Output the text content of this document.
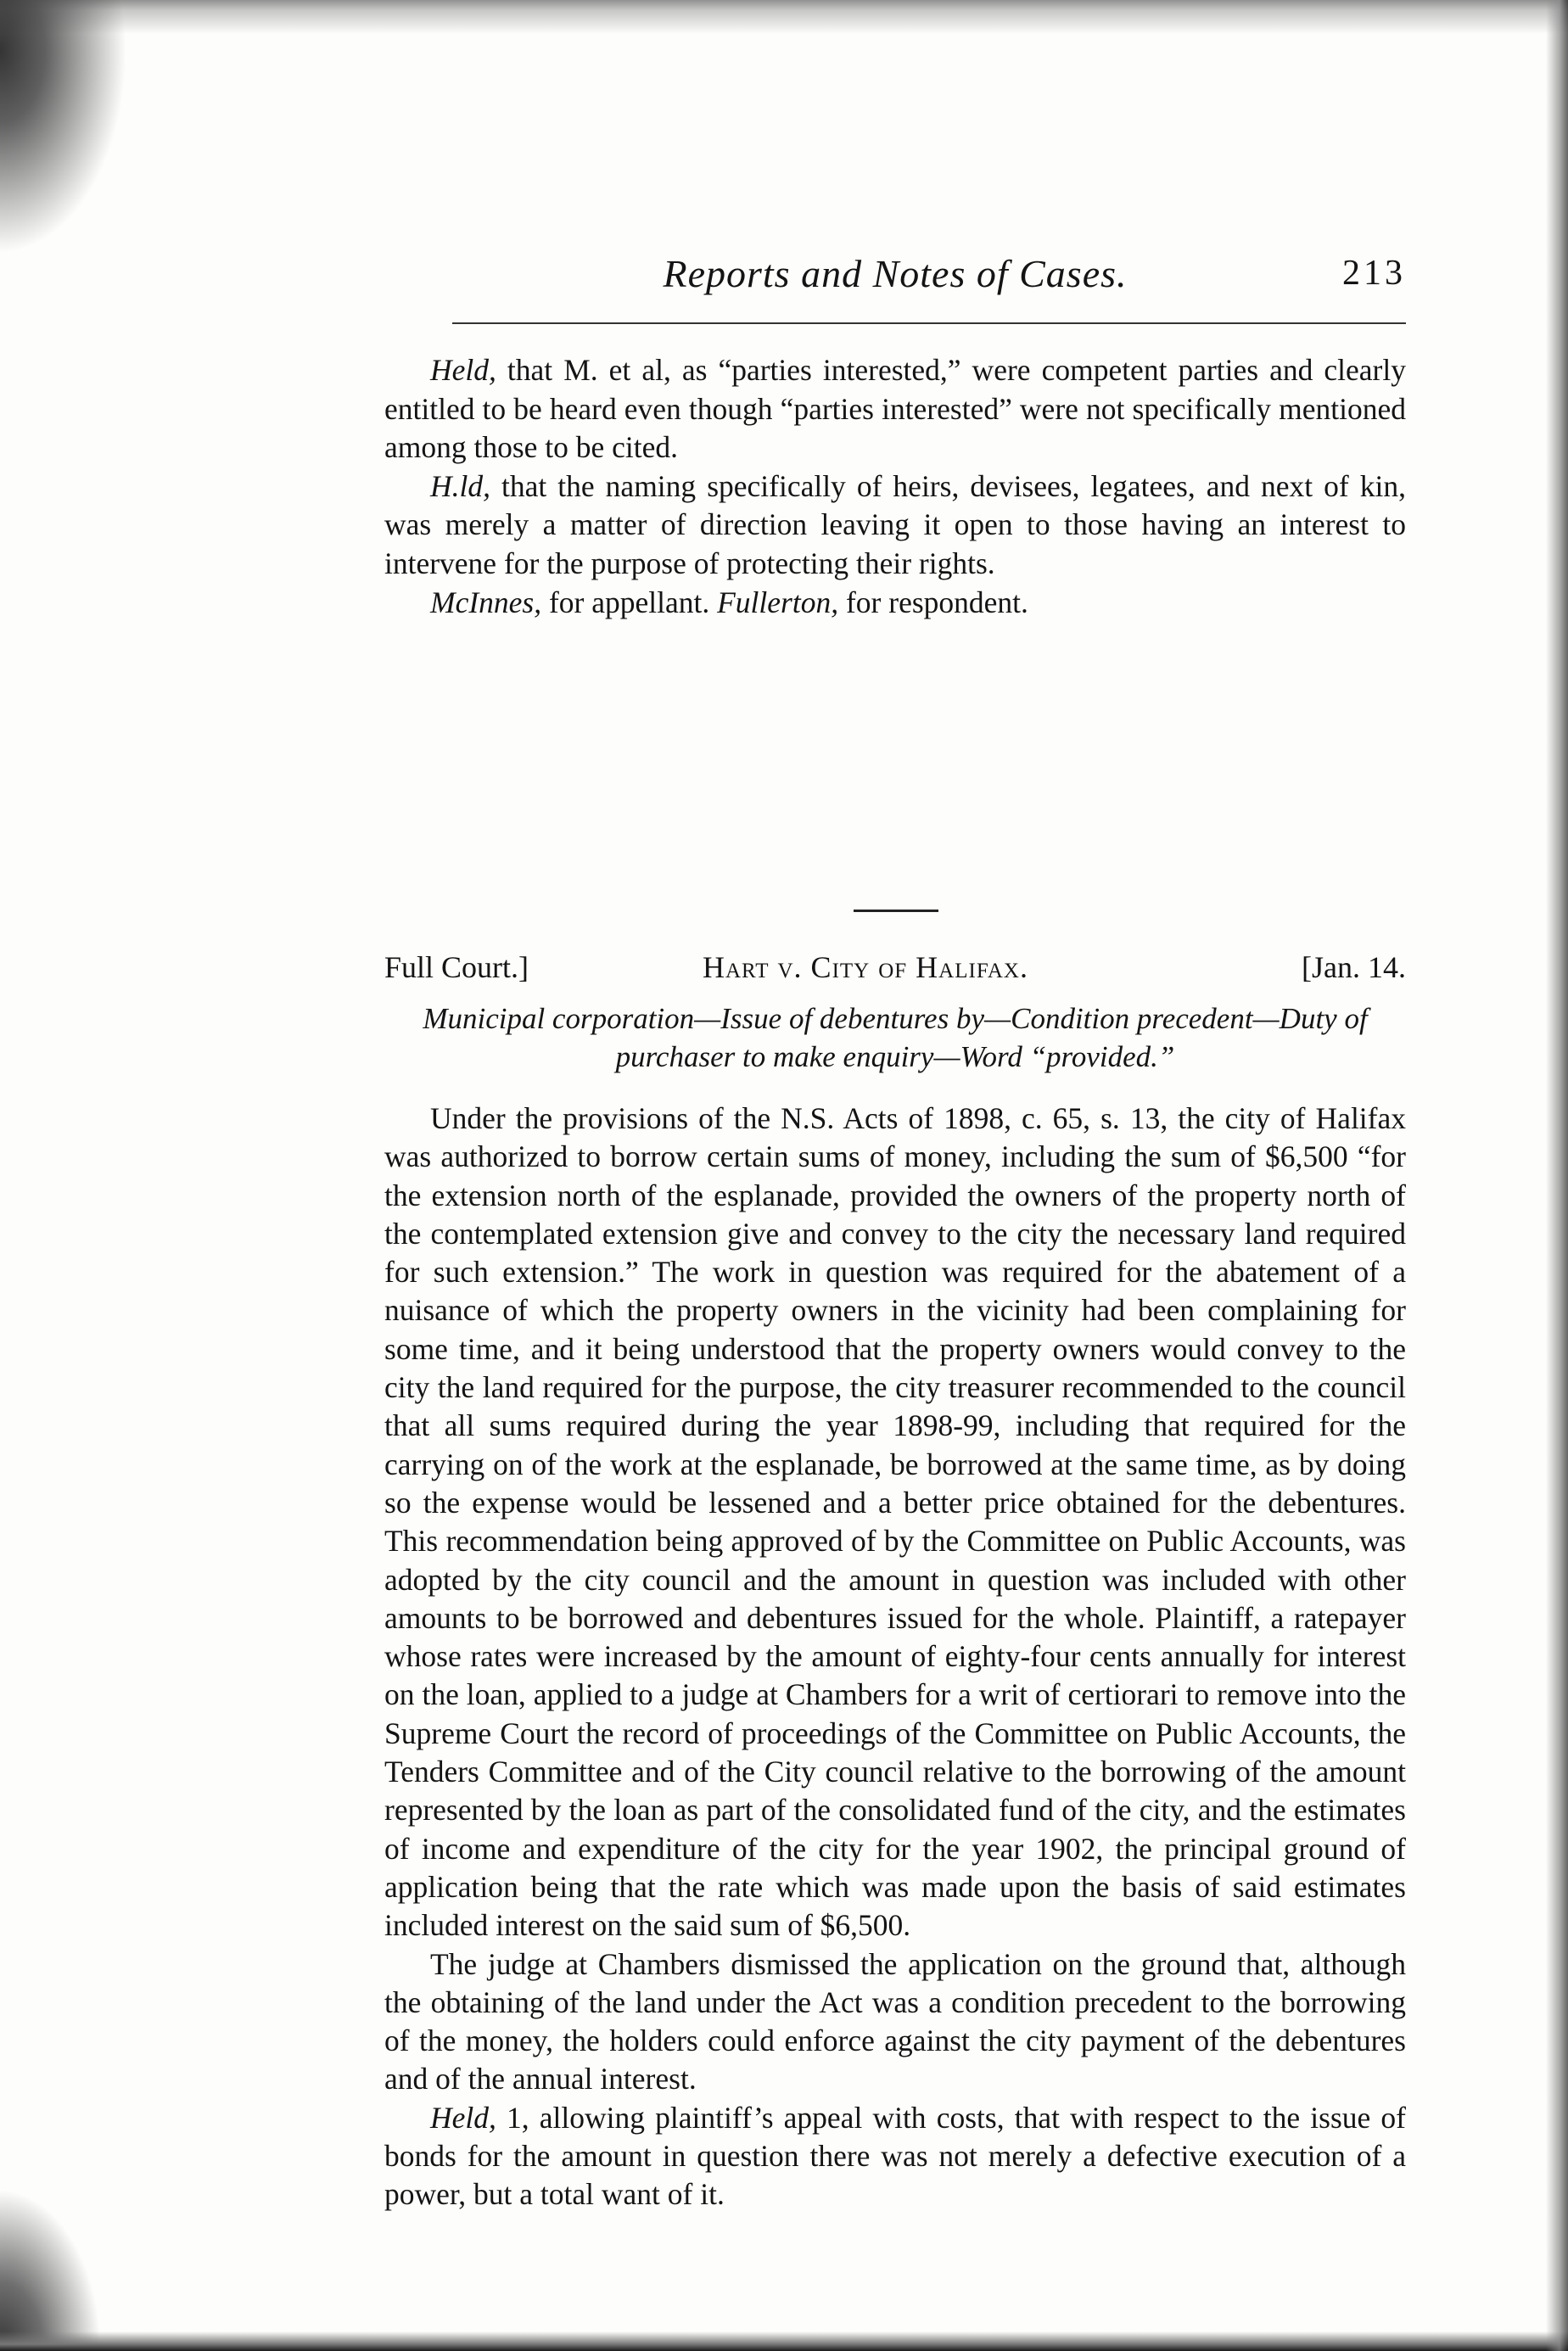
Reports and Notes of Cases.	213

Held, that M. et al, as “parties interested,” were competent parties and clearly entitled to be heard even though “parties interested” were not specifically mentioned among those to be cited.

H.ld, that the naming specifically of heirs, devisees, legatees, and next of kin, was merely a matter of direction leaving it open to those having an interest to intervene for the purpose of protecting their rights.

McInnes, for appellant. Fullerton, for respondent.

Full Court.]	Hart v. City of Halifax.	[Jan. 14.
Municipal corporation—Issue of debentures by—Condition precedent—Duty of purchaser to make enquiry—Word “provided.”

Under the provisions of the N.S. Acts of 1898, c. 65, s. 13, the city of Halifax was authorized to borrow certain sums of money, including the sum of $6,500 “for the extension north of the esplanade, provided the owners of the property north of the contemplated extension give and convey to the city the necessary land required for such extension.” The work in question was required for the abatement of a nuisance of which the property owners in the vicinity had been complaining for some time, and it being understood that the property owners would convey to the city the land required for the purpose, the city treasurer recommended to the council that all sums required during the year 1898-99, including that required for the carrying on of the work at the esplanade, be borrowed at the same time, as by doing so the expense would be lessened and a better price obtained for the debentures. This recommendation being approved of by the Committee on Public Accounts, was adopted by the city council and the amount in question was included with other amounts to be borrowed and debentures issued for the whole. Plaintiff, a ratepayer whose rates were increased by the amount of eighty-four cents annually for interest on the loan, applied to a judge at Chambers for a writ of certiorari to remove into the Supreme Court the record of proceedings of the Committee on Public Accounts, the Tenders Committee and of the City council relative to the borrowing of the amount represented by the loan as part of the consolidated fund of the city, and the estimates of income and expenditure of the city for the year 1902, the principal ground of application being that the rate which was made upon the basis of said estimates included interest on the said sum of $6,500.

The judge at Chambers dismissed the application on the ground that, although the obtaining of the land under the Act was a condition precedent to the borrowing of the money, the holders could enforce against the city payment of the debentures and of the annual interest.

Held, 1, allowing plaintiff’s appeal with costs, that with respect to the issue of bonds for the amount in question there was not merely a defective execution of a power, but a total want of it.
